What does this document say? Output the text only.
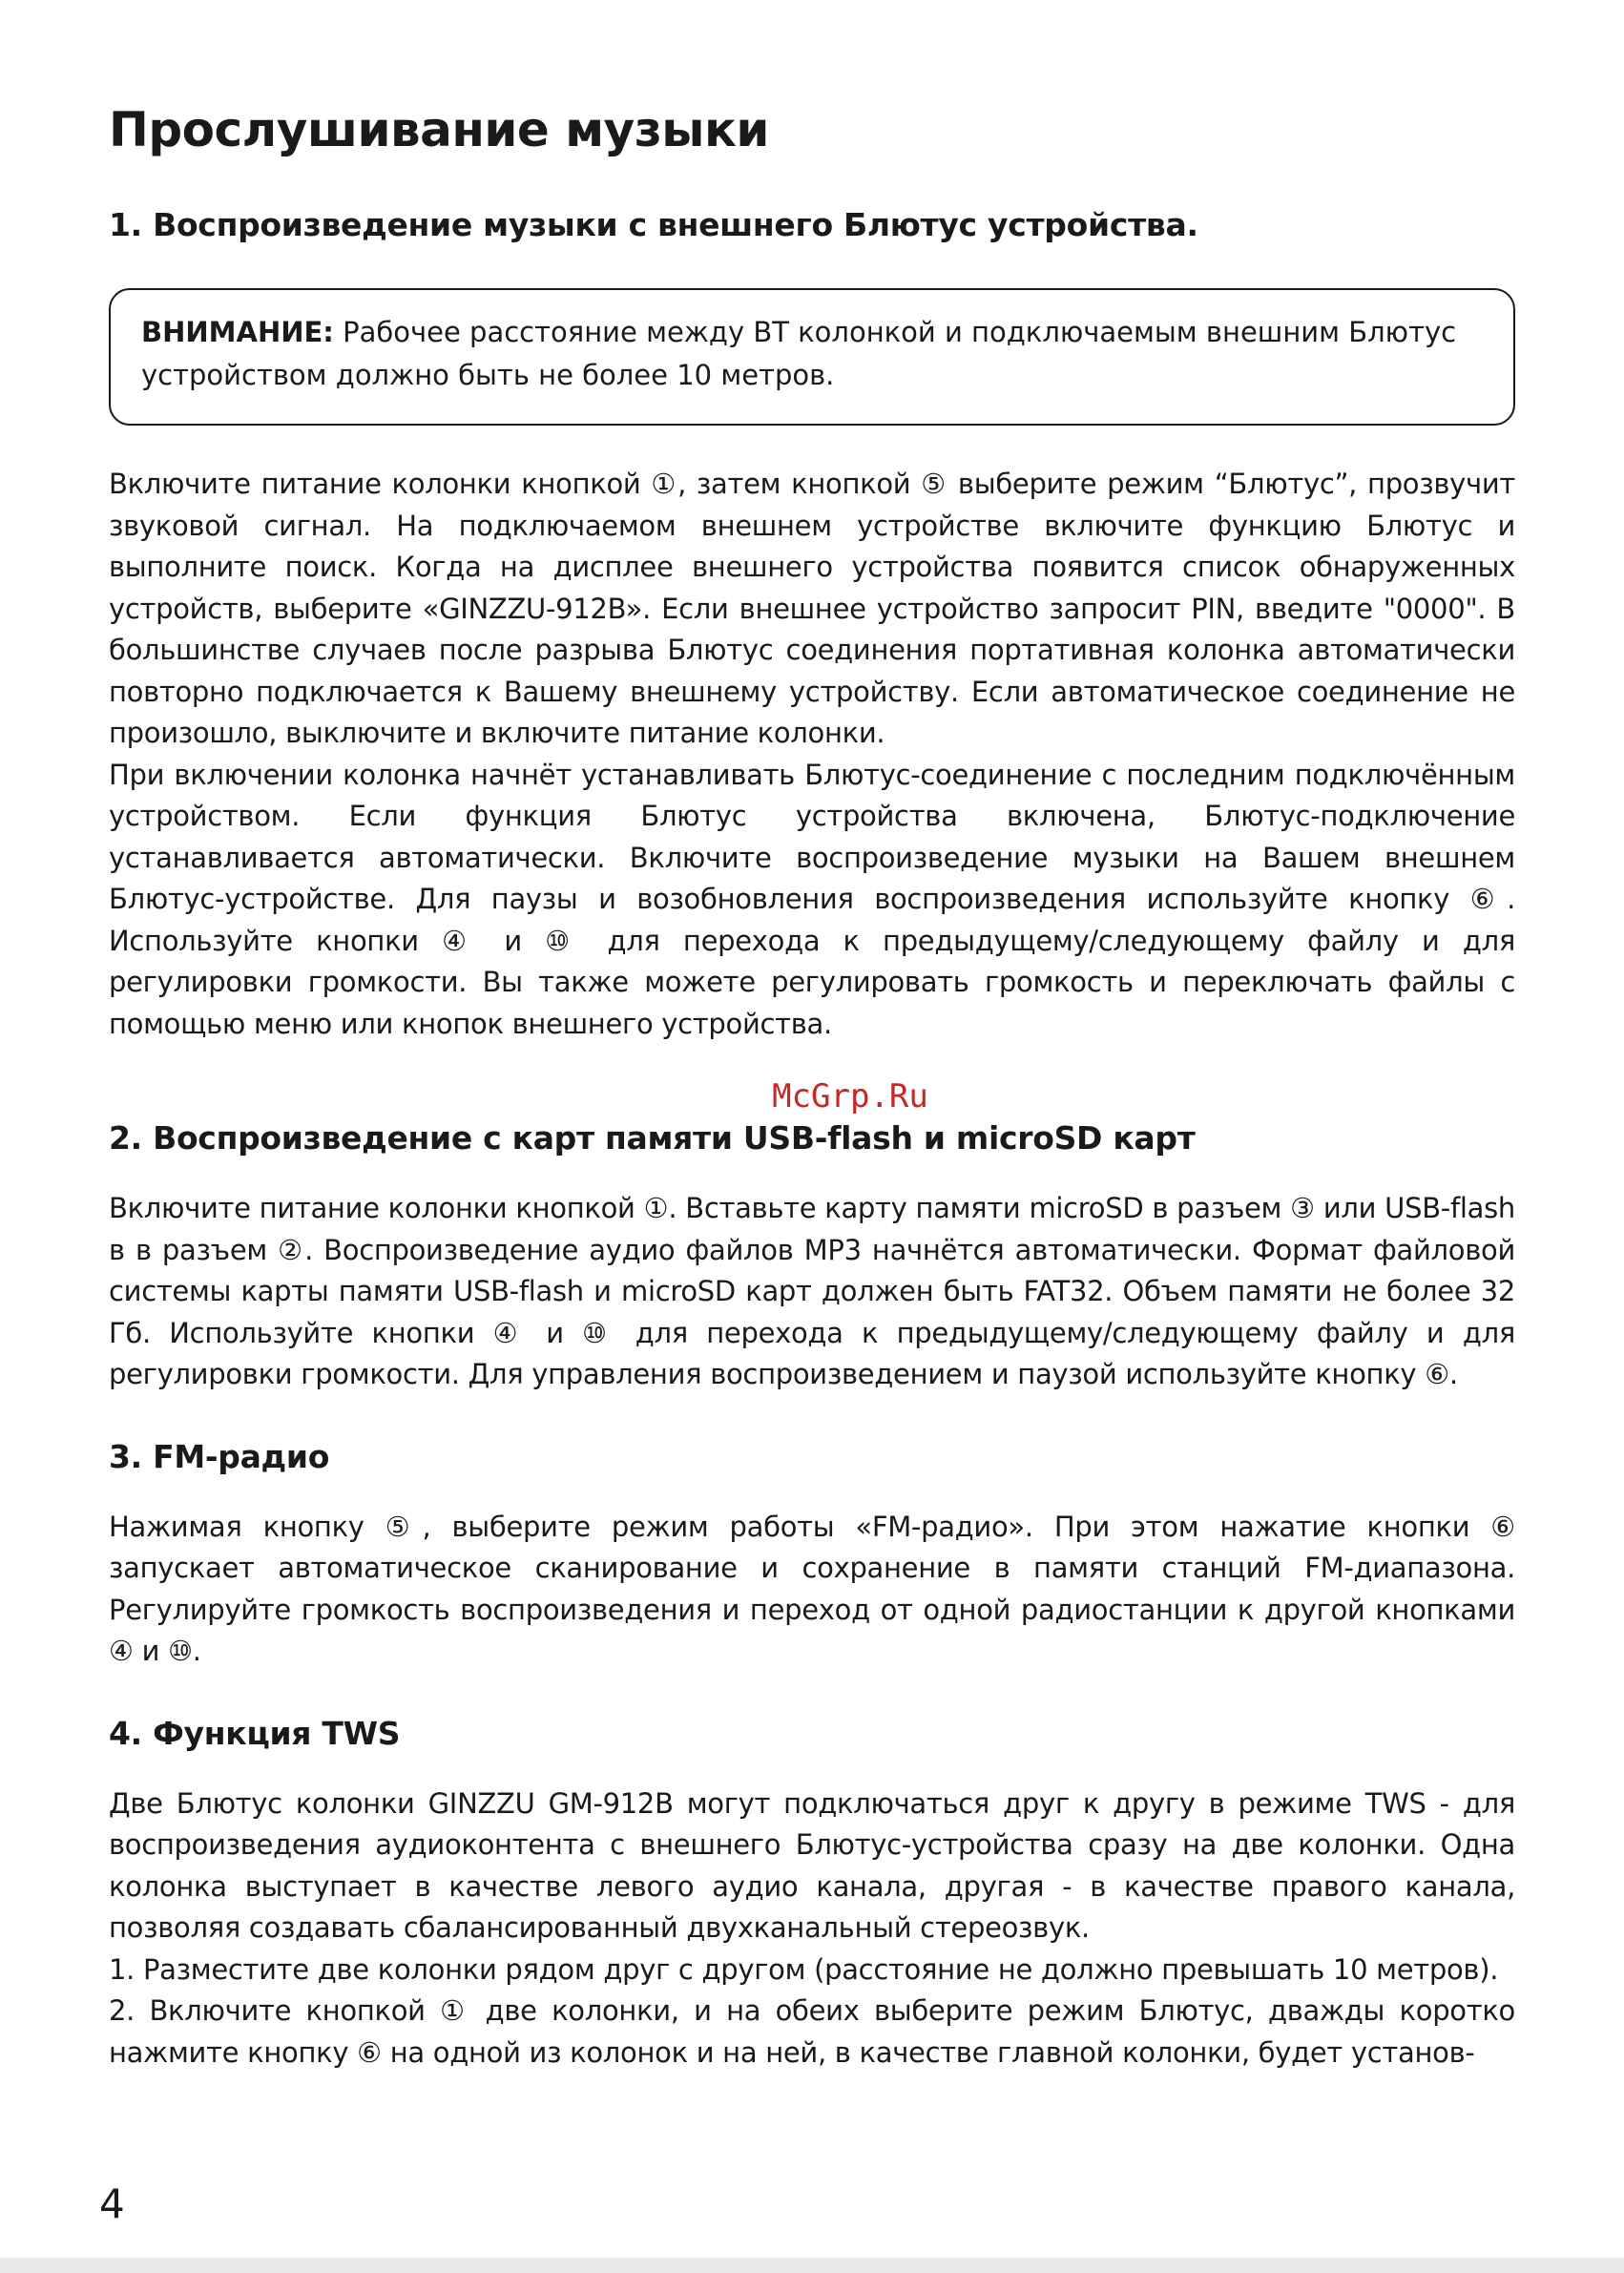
Прослушивание музыки
1. Воспроизведение музыки с внешнего Блютус устройства.
ВНИМАНИЕ: Рабочее расстояние между BT колонкой и подключаемым внешним Блютус устройством должно быть не более 10 метров.

Включите питание колонки кнопкой ①, затем кнопкой ⑤ выберите режим “Блютус”, прозвучит звуковой сигнал. На подключаемом внешнем устройстве включите функцию Блютус и выполните поиск. Когда на дисплее внешнего устройства появится список обнаруженных устройств, выберите «GINZZU-912B». Если внешнее устройство запросит PIN, введите "0000". В большинстве случаев после разрыва Блютус соединения портативная колонка автоматически повторно подключается к Вашему внешнему устройству. Если автоматическое соединение не произошло, выключите и включите питание колонки.

При включении колонка начнёт устанавливать Блютус-соединение с последним подключённым устройством. Если функция Блютус устройства включена, Блютус-подключение устанавливается автоматически. Включите воспроизведение музыки на Вашем внешнем Блютус-устройстве. Для паузы и возобновления воспроизведения используйте кнопку ⑥. Используйте кнопки ④ и ⑩ для перехода к предыдущему/следующему файлу и для регулировки громкости. Вы также можете регулировать громкость и переключать файлы с помощью меню или кнопок внешнего устройства.

McGrp.Ru
2. Воспроизведение с карт памяти USB-flash и microSD карт

Включите питание колонки кнопкой ①. Вставьте карту памяти microSD в разъем ③ или USB-flash в в разъем ②. Воспроизведение аудио файлов MP3 начнётся автоматически. Формат файловой системы карты памяти USB-flash и microSD карт должен быть FAT32. Объем памяти не более 32 Гб. Используйте кнопки ④ и ⑩ для перехода к предыдущему/следующему файлу и для регулировки громкости. Для управления воспроизведением и паузой используйте кнопку ⑥.

3. FM-радио

Нажимая кнопку ⑤, выберите режим работы «FM-радио». При этом нажатие кнопки ⑥ запускает автоматическое сканирование и сохранение в памяти станций FM-диапазона. Регулируйте громкость воспроизведения и переход от одной радиостанции к другой кнопками ④ и ⑩.

4. Функция TWS

Две Блютус колонки GINZZU GM-912B могут подключаться друг к другу в режиме TWS - для воспроизведения аудиоконтента с внешнего Блютус-устройства сразу на две колонки. Одна колонка выступает в качестве левого аудио канала, другая - в качестве правого канала, позволяя создавать сбалансированный двухканальный стереозвук.

1. Разместите две колонки рядом друг с другом (расстояние не должно превышать 10 метров).

2. Включите кнопкой ① две колонки, и на обеих выберите режим Блютус, дважды коротко нажмите кнопку ⑥ на одной из колонок и на ней, в качестве главной колонки, будет установ-

4
